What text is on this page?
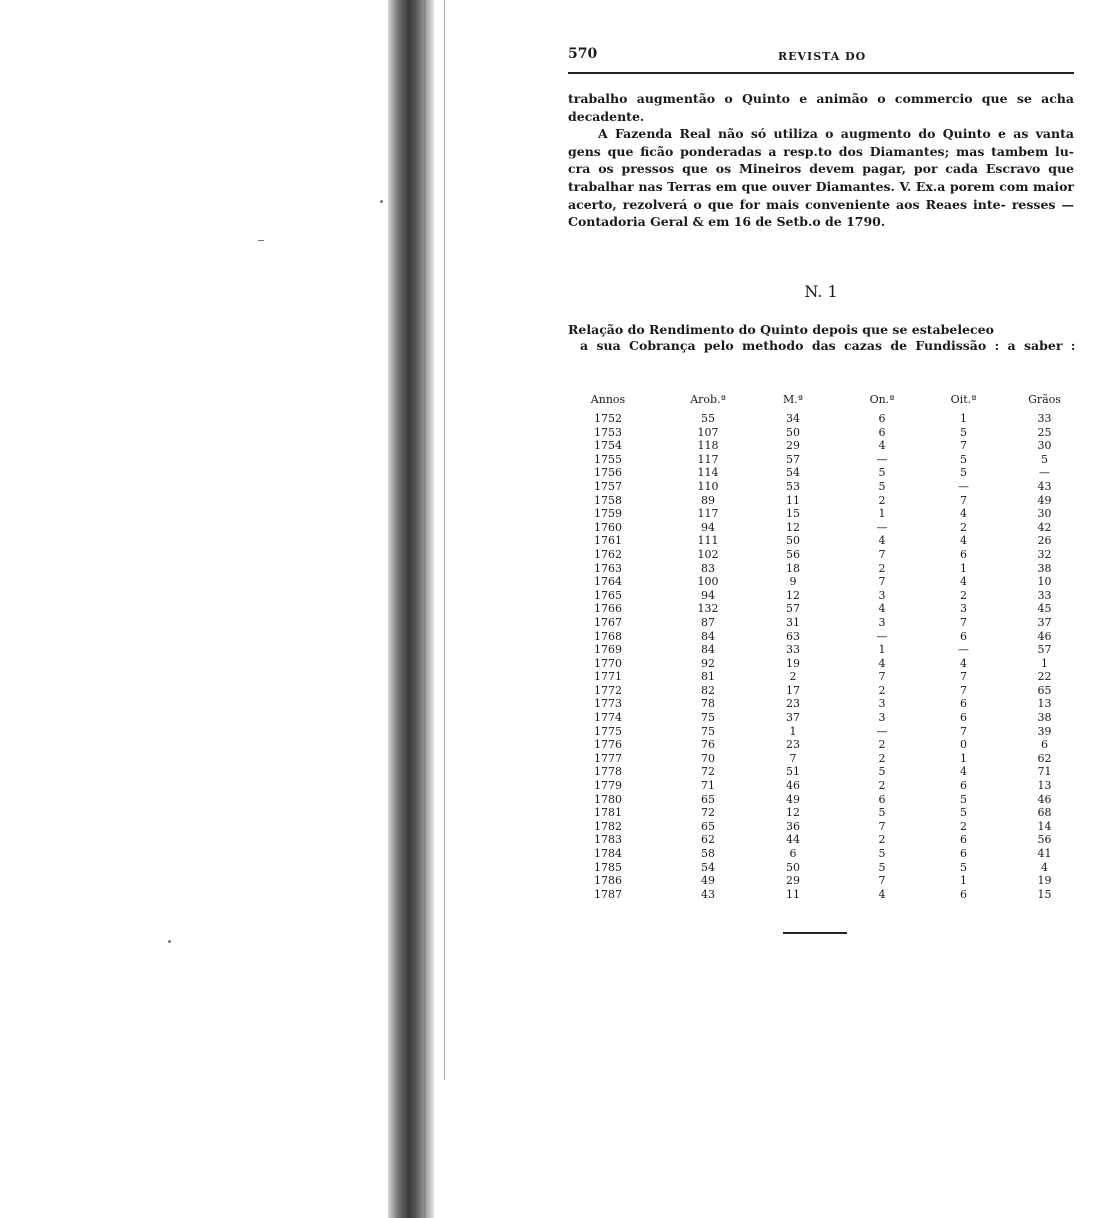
570	REVISTA DO

trabalho augmentão o Quinto e animão o commercio que se acha decadente.

A Fazenda Real não só utiliza o augmento do Quinto e as vanta gens que ficão ponderadas a resp.to dos Diamantes; mas tambem lu- cra os pressos que os Mineiros devem pagar, por cada Escravo que trabalhar nas Terras em que ouver Diamantes. V. Ex.a porem com maior acerto, rezolverá o que for mais conveniente aos Reaes inte- resses — Contadoria Geral & em 16 de Setb.o de 1790.

N. 1
Relação do Rendimento do Quinto depois que se estabeleceo
a sua Cobrança pelo methodo das cazas de Fundissão : a saber :
Annos	Arob.ª	M.ª	On.ª	Oit.ª	Grãos
1752	55	34	6	1	33
1753	107	50	6	5	25
1754	118	29	4	7	30
1755	117	57	—	5	5
1756	114	54	5	5	—
1757	110	53	5	—	43
1758	89	11	2	7	49
1759	117	15	1	4	30
1760	94	12	—	2	42
1761	111	50	4	4	26
1762	102	56	7	6	32
1763	83	18	2	1	38
1764	100	9	7	4	10
1765	94	12	3	2	33
1766	132	57	4	3	45
1767	87	31	3	7	37
1768	84	63	—	6	46
1769	84	33	1	—	57
1770	92	19	4	4	1
1771	81	2	7	7	22
1772	82	17	2	7	65
1773	78	23	3	6	13
1774	75	37	3	6	38
1775	75	1	—	7	39
1776	76	23	2	0	6
1777	70	7	2	1	62
1778	72	51	5	4	71
1779	71	46	2	6	13
1780	65	49	6	5	46
1781	72	12	5	5	68
1782	65	36	7	2	14
1783	62	44	2	6	56
1784	58	6	5	6	41
1785	54	50	5	5	4
1786	49	29	7	1	19
1787	43	11	4	6	15
